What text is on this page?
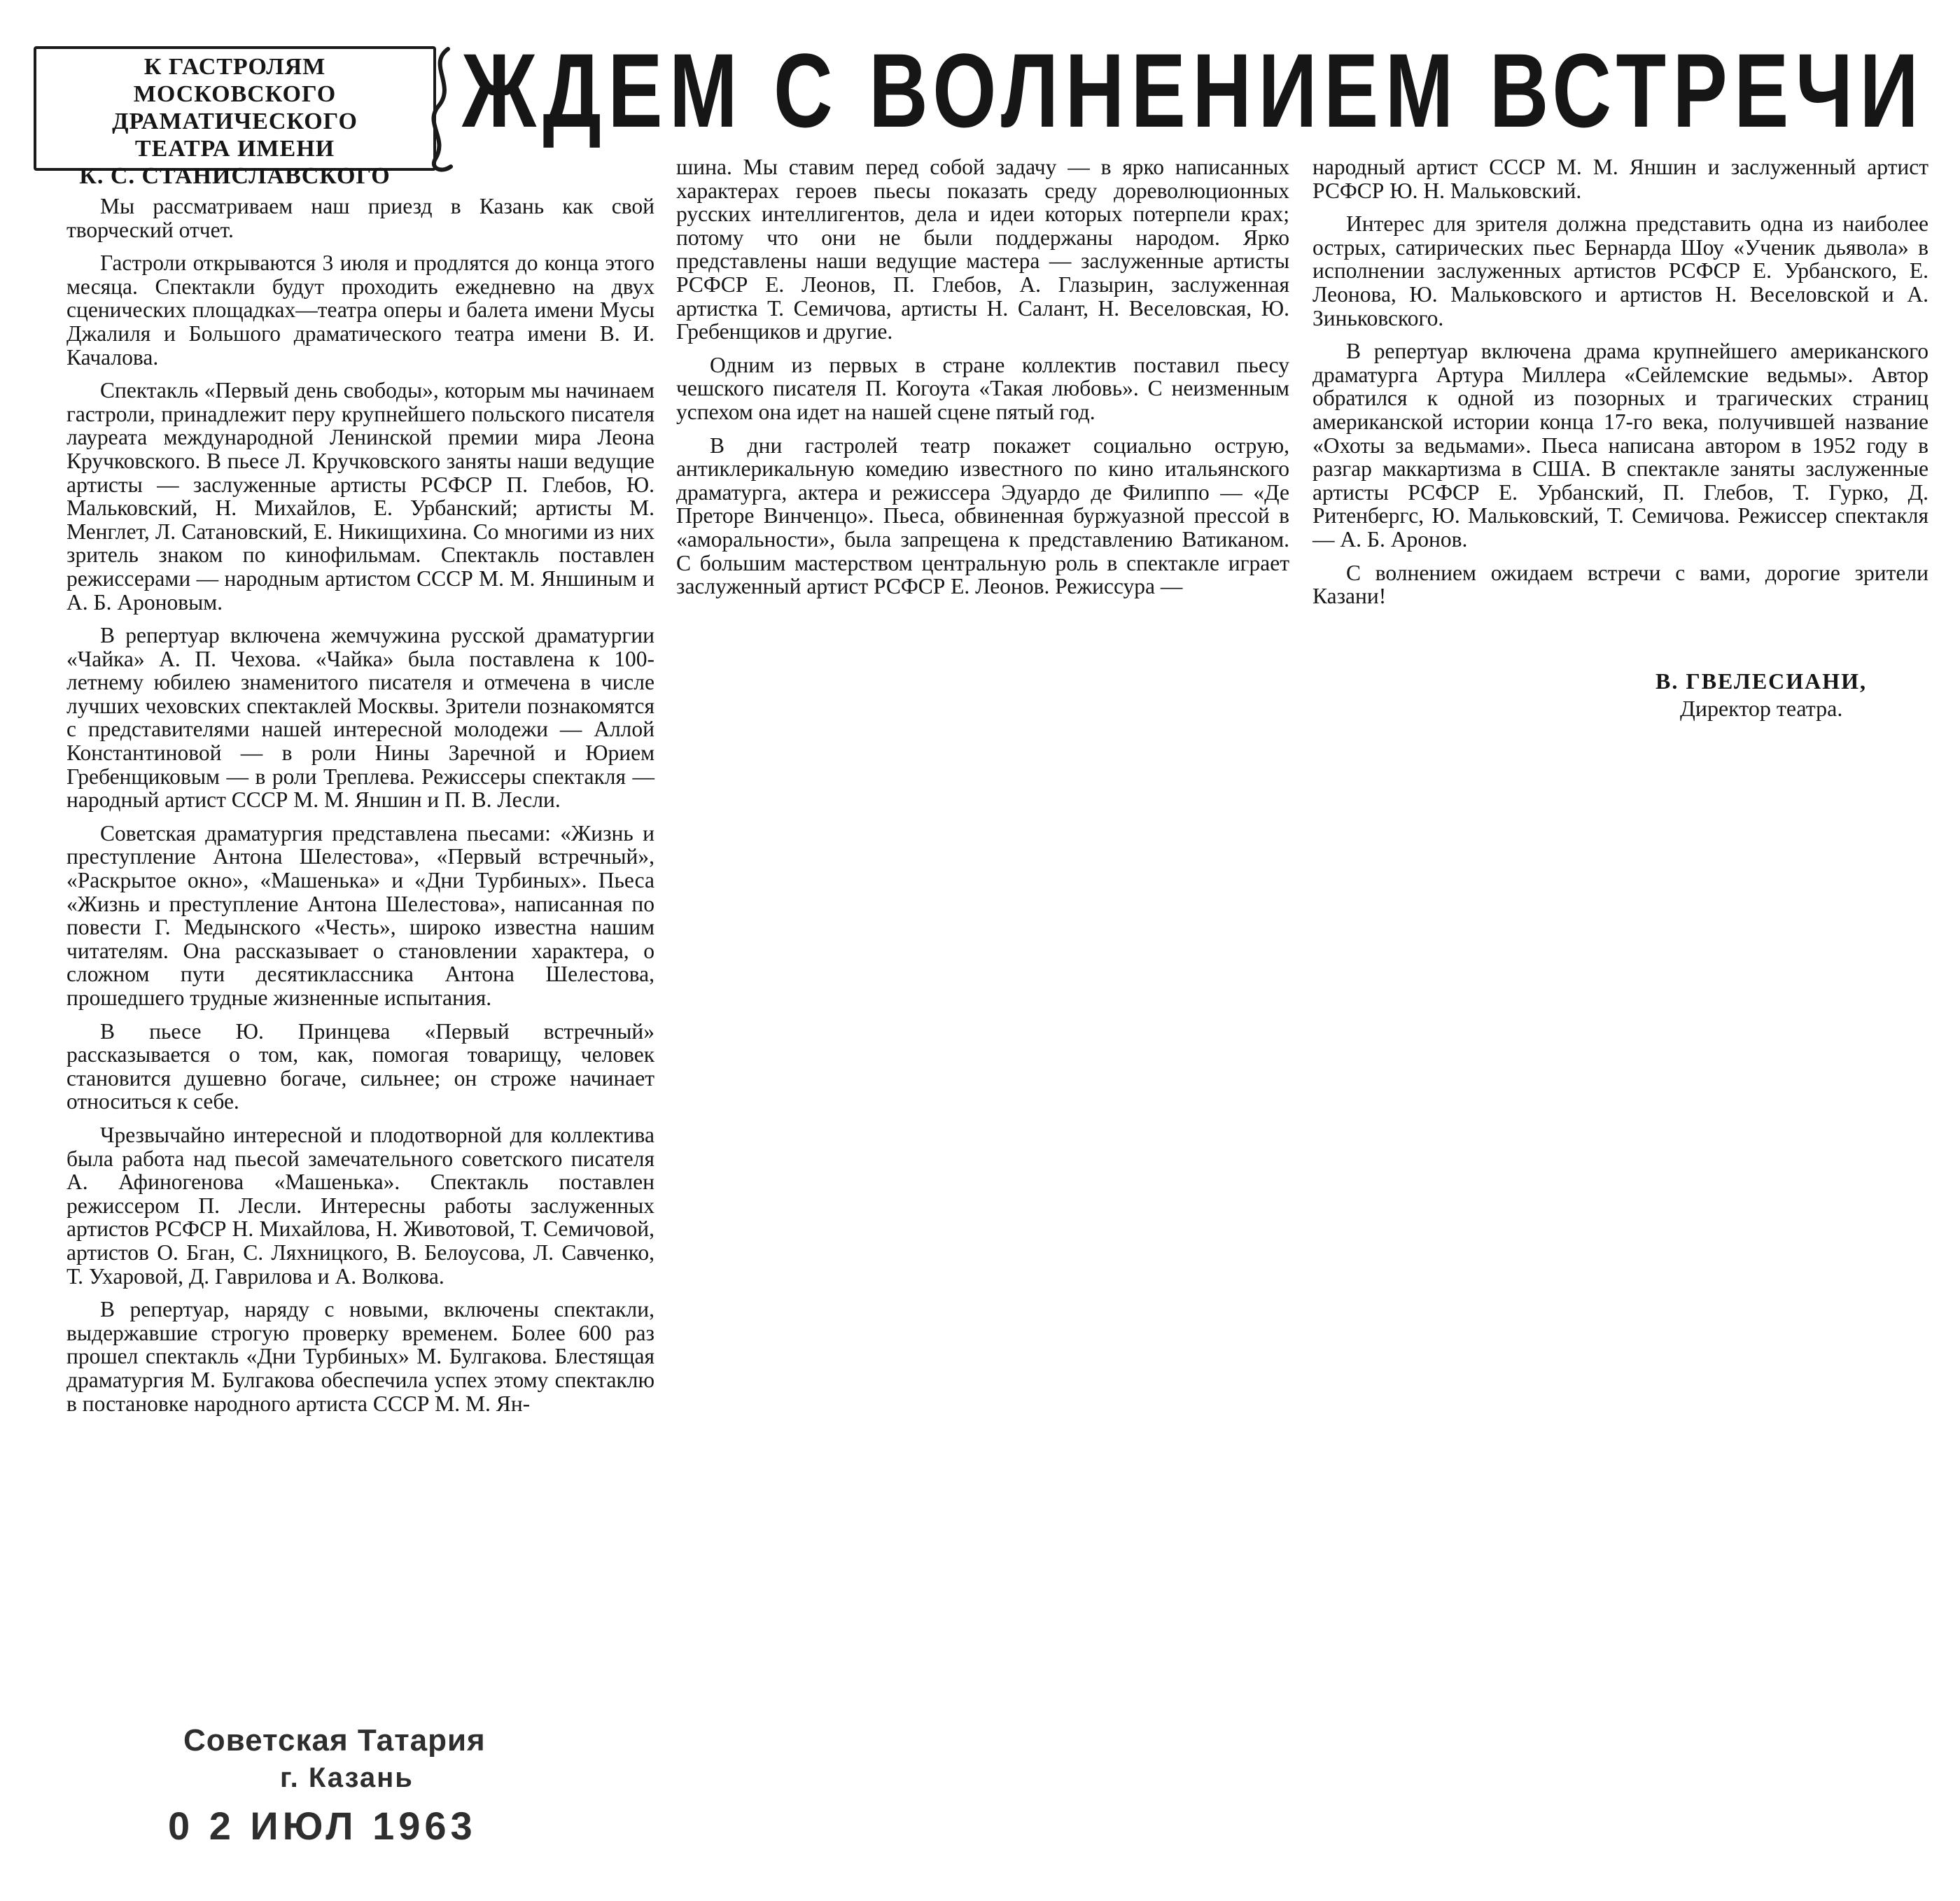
К ГАСТРОЛЯМ
МОСКОВСКОГО
ДРАМАТИЧЕСКОГО
ТЕАТРА ИМЕНИ
К. С. СТАНИСЛАВСКОГО
ЖДЕМ С ВОЛНЕНИЕМ ВСТРЕЧИ

Мы рассматриваем наш приезд в Казань как свой творческий отчет.

Гастроли открываются 3 июля и продлятся до конца этого месяца. Спектакли будут проходить ежедневно на двух сценических площадках—театра оперы и балета имени Мусы Джалиля и Большого драматического театра имени В. И. Качалова.

Спектакль «Первый день свободы», которым мы начинаем гастроли, принадлежит перу крупнейшего польского писателя лауреата международной Ленинской премии мира Леона Кручковского. В пьесе Л. Кручковского заняты наши ведущие артисты — заслуженные артисты РСФСР П. Глебов, Ю. Мальковский, Н. Михайлов, Е. Урбанский; артисты М. Менглет, Л. Сатановский, Е. Никищихина. Со многими из них зритель знаком по кинофильмам. Спектакль поставлен режиссерами — народным артистом СССР М. М. Яншиным и А. Б. Ароновым.

В репертуар включена жемчужина русской драматургии «Чайка» А. П. Чехова. «Чайка» была поставлена к 100-летнему юбилею знаменитого писателя и отмечена в числе лучших чеховских спектаклей Москвы. Зрители познакомятся с представителями нашей интересной молодежи — Аллой Константиновой — в роли Нины Заречной и Юрием Гребенщиковым — в роли Треплева. Режиссеры спектакля — народный артист СССР М. М. Яншин и П. В. Лесли.

Советская драматургия представлена пьесами: «Жизнь и преступление Антона Шелестова», «Первый встречный», «Раскрытое окно», «Машенька» и «Дни Турбиных». Пьеса «Жизнь и преступление Антона Шелестова», написанная по повести Г. Медынского «Честь», широко известна нашим читателям. Она рассказывает о становлении характера, о сложном пути десятиклассника Антона Шелестова, прошедшего трудные жизненные испытания.

В пьесе Ю. Принцева «Первый встречный» рассказывается о том, как, помогая товарищу, человек становится душевно богаче, сильнее; он строже начинает относиться к себе.

Чрезвычайно интересной и плодотворной для коллектива была работа над пьесой замечательного советского писателя А. Афиногенова «Машенька». Спектакль поставлен режиссером П. Лесли. Интересны работы заслуженных артистов РСФСР Н. Михайлова, Н. Животовой, Т. Семичовой, артистов О. Бган, С. Ляхницкого, В. Белоусова, Л. Савченко, Т. Ухаровой, Д. Гаврилова и А. Волкова.

В репертуар, наряду с новыми, включены спектакли, выдержавшие строгую проверку временем. Более 600 раз прошел спектакль «Дни Турбиных» М. Булгакова. Блестящая драматургия М. Булгакова обеспечила успех этому спектаклю в постановке народного артиста СССР М. М. Ян-

шина. Мы ставим перед собой задачу — в ярко написанных характерах героев пьесы показать среду дореволюционных русских интеллигентов, дела и идеи которых потерпели крах; потому что они не были поддержаны народом. Ярко представлены наши ведущие мастера — заслуженные артисты РСФСР Е. Леонов, П. Глебов, А. Глазырин, заслуженная артистка Т. Семичова, артисты Н. Салант, Н. Веселовская, Ю. Гребенщиков и другие.

Одним из первых в стране коллектив поставил пьесу чешского писателя П. Когоута «Такая любовь». С неизменным успехом она идет на нашей сцене пятый год.

В дни гастролей театр покажет социально острую, антиклерикальную комедию известного по кино итальянского драматурга, актера и режиссера Эдуардо де Филиппо — «Де Преторе Винченцо». Пьеса, обвиненная буржуазной прессой в «аморальности», была запрещена к представлению Ватиканом. С большим мастерством центральную роль в спектакле играет заслуженный артист РСФСР Е. Леонов. Режиссура —

народный артист СССР М. М. Яншин и заслуженный артист РСФСР Ю. Н. Мальковский.

Интерес для зрителя должна представить одна из наиболее острых, сатирических пьес Бернарда Шоу «Ученик дьявола» в исполнении заслуженных артистов РСФСР Е. Урбанского, Е. Леонова, Ю. Мальковского и артистов Н. Веселовской и А. Зиньковского.

В репертуар включена драма крупнейшего американского драматурга Артура Миллера «Сейлемские ведьмы». Автор обратился к одной из позорных и трагических страниц американской истории конца 17-го века, получившей название «Охоты за ведьмами». Пьеса написана автором в 1952 году в разгар маккартизма в США. В спектакле заняты заслуженные артисты РСФСР Е. Урбанский, П. Глебов, Т. Гурко, Д. Ритенбергс, Ю. Мальковский, Т. Семичова. Режиссер спектакля — А. Б. Аронов.

С волнением ожидаем встречи с вами, дорогие зрители Казани!

В. ГВЕЛЕСИАНИ,
Директор театра.
Советская Татария
г. Казань
0 2 ИЮЛ 1963
